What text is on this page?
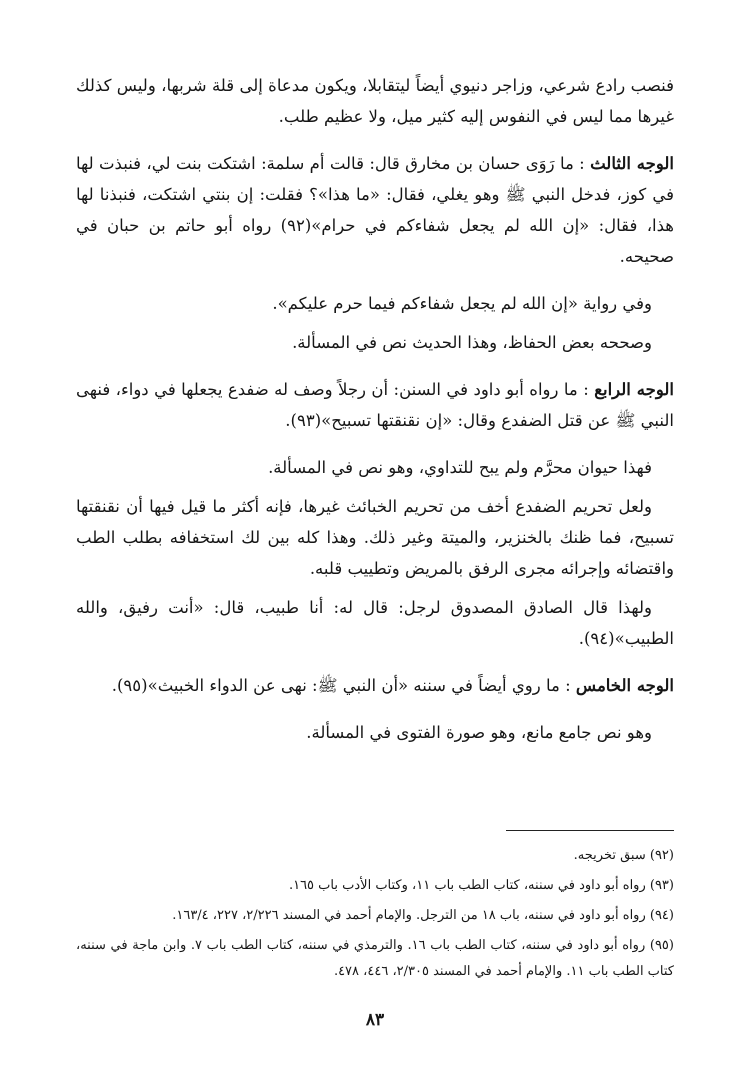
فنصب رادع شرعي، وزاجر دنيوي أيضاً ليتقابلا، ويكون مدعاة إلى قلة شربها، وليس كذلك غيرها مما ليس في النفوس إليه كثير ميل، ولا عظيم طلب.

الوجه الثالث : ما رَوَى حسان بن مخارق قال: قالت أم سلمة: اشتكت بنت لي، فنبذت لها في كوز، فدخل النبي ﷺ وهو يغلي، فقال: «ما هذا»؟ فقلت: إن بنتي اشتكت، فنبذنا لها هذا، فقال: «إن الله لم يجعل شفاءكم في حرام»(٩٢) رواه أبو حاتم بن حبان في صحيحه.

وفي رواية «إن الله لم يجعل شفاءكم فيما حرم عليكم».

وصححه بعض الحفاظ، وهذا الحديث نص في المسألة.

الوجه الرابع : ما رواه أبو داود في السنن: أن رجلاً وصف له ضفدع يجعلها في دواء، فنهى النبي ﷺ عن قتل الضفدع وقال: «إن نقنقتها تسبيح»(٩٣).

فهذا حيوان محرَّم ولم يبح للتداوي، وهو نص في المسألة.

ولعل تحريم الضفدع أخف من تحريم الخبائث غيرها، فإنه أكثر ما قيل فيها أن نقنقتها تسبيح، فما ظنك بالخنزير، والميتة وغير ذلك. وهذا كله بين لك استخفافه بطلب الطب واقتضائه وإجرائه مجرى الرفق بالمريض وتطييب قلبه.

ولهذا قال الصادق المصدوق لرجل: قال له: أنا طبيب، قال: «أنت رفيق، والله الطبيب»(٩٤).

الوجه الخامس : ما روي أيضاً في سننه «أن النبي ﷺ: نهى عن الدواء الخبيث»(٩٥).

وهو نص جامع مانع، وهو صورة الفتوى في المسألة.

(٩٢) سبق تخريجه.

(٩٣) رواه أبو داود في سننه، كتاب الطب باب ١١، وكتاب الأدب باب ١٦٥.

(٩٤) رواه أبو داود في سننه، باب ١٨ من الترجل. والإمام أحمد في المسند ٢/٢٢٦، ٢٢٧، ١٦٣/٤.

(٩٥) رواه أبو داود في سننه، كتاب الطب باب ١٦. والترمذي في سننه، كتاب الطب باب ٧. وابن ماجة في سننه، كتاب الطب باب ١١. والإمام أحمد في المسند ٢/٣٠٥، ٤٤٦، ٤٧٨.

٨٣
